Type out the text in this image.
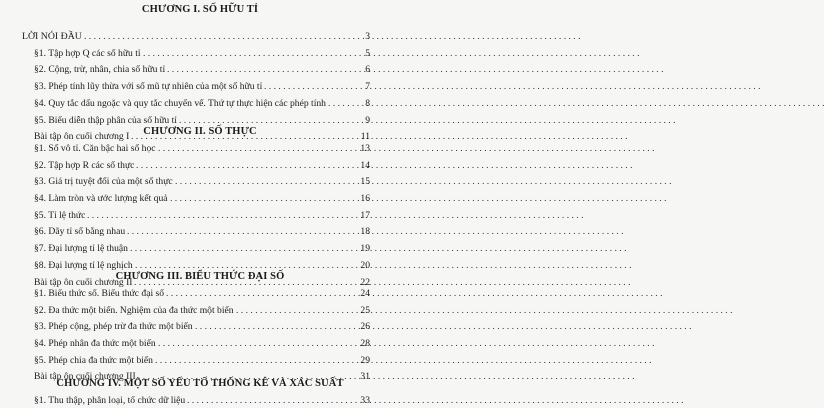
CHƯƠNG I. SỐ HỮU TỈ
LỜI NÓI ĐẦU . . .	3
§1. Tập hợp Q các số hữu tỉ . . .	5
§2. Cộng, trừ, nhân, chia số hữu tỉ . . .	6
§3. Phép tính lũy thừa với số mũ tự nhiên của một số hữu tỉ . . .	7
§4. Quy tắc dấu ngoặc và quy tắc chuyển vế. Thứ tự thực hiện các phép tính . . .	8
§5. Biểu diễn thập phân của số hữu tỉ . . .	9
Bài tập ôn cuối chương I . . .	11
CHƯƠNG II. SỐ THỰC
§1. Số vô tỉ. Căn bậc hai số học . . .	13
§2. Tập hợp R các số thực . . .	14
§3. Giá trị tuyệt đối của một số thực . . .	15
§4. Làm tròn và ước lượng kết quả . . .	16
§5. Tỉ lệ thức . . .	17
§6. Dãy tỉ số bằng nhau . . .	18
§7. Đại lượng tỉ lệ thuận . . .	19
§8. Đại lượng tỉ lệ nghịch . . .	20
Bài tập ôn cuối chương II . . .	22
CHƯƠNG III. BIỂU THỨC ĐẠI SỐ
§1. Biểu thức số. Biểu thức đại số . . .	24
§2. Đa thức một biến. Nghiệm của đa thức một biến . . .	25
§3. Phép cộng, phép trừ đa thức một biến . . .	26
§4. Phép nhân đa thức một biến . . .	28
§5. Phép chia đa thức một biến . . .	29
Bài tập ôn cuối chương III . . .	31
CHƯƠNG IV. MỘT SỐ YẾU TỐ THỐNG KÊ VÀ XÁC SUẤT
§1. Thu thập, phân loại, tổ chức dữ liệu . . .	33
